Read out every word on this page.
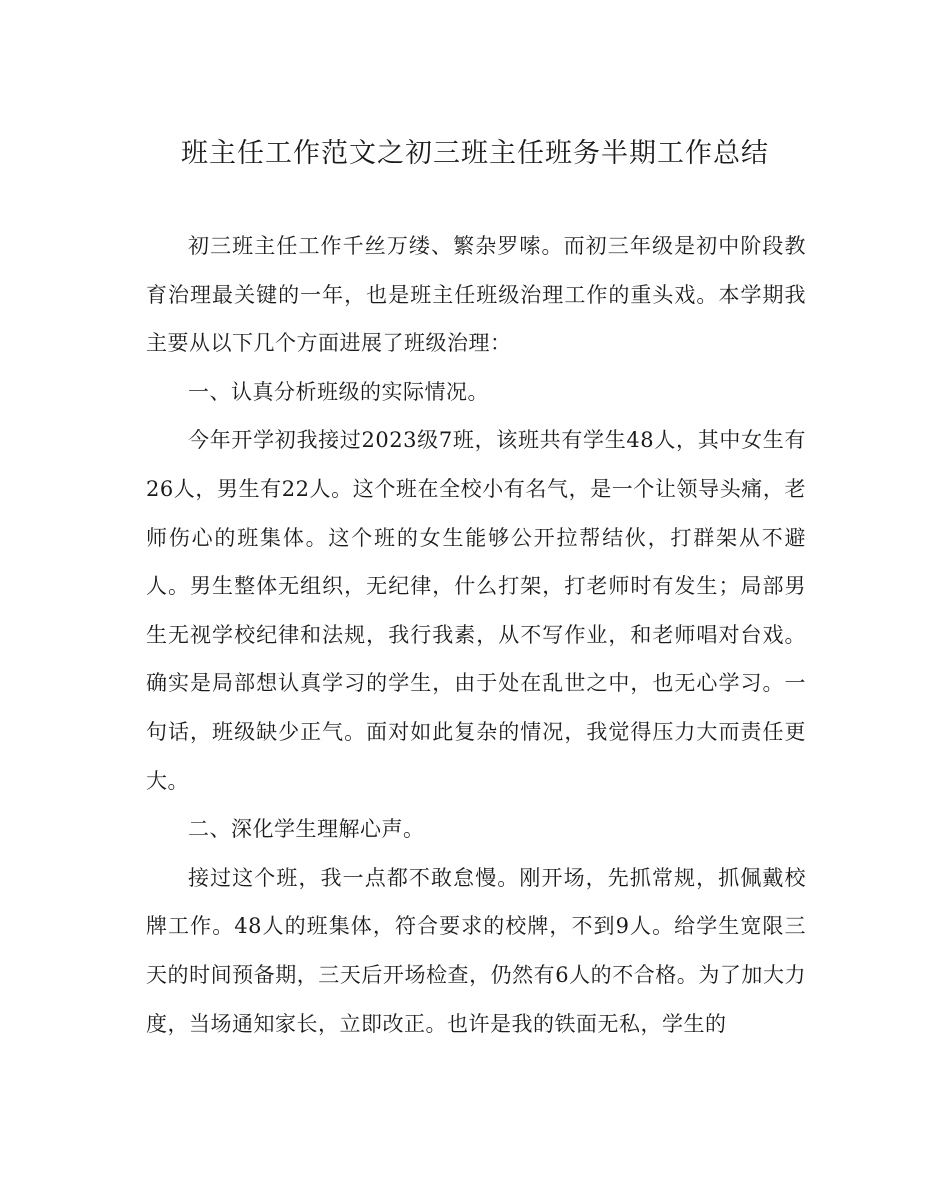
班主任工作范文之初三班主任班务半期工作总结

初三班主任工作千丝万缕、繁杂罗嗦。而初三年级是初中阶段教育治理最关键的一年，也是班主任班级治理工作的重头戏。本学期我主要从以下几个方面进展了班级治理：

一、认真分析班级的实际情况。

今年开学初我接过2023级7班，该班共有学生48人，其中女生有26人，男生有22人。这个班在全校小有名气，是一个让领导头痛，老师伤心的班集体。这个班的女生能够公开拉帮结伙，打群架从不避人。男生整体无组织，无纪律，什么打架，打老师时有发生；局部男生无视学校纪律和法规，我行我素，从不写作业，和老师唱对台戏。确实是局部想认真学习的学生，由于处在乱世之中，也无心学习。一句话，班级缺少正气。面对如此复杂的情况，我觉得压力大而责任更大。

二、深化学生理解心声。

接过这个班，我一点都不敢怠慢。刚开场，先抓常规，抓佩戴校牌工作。48人的班集体，符合要求的校牌，不到9人。给学生宽限三天的时间预备期，三天后开场检查，仍然有6人的不合格。为了加大力度，当场通知家长，立即改正。也许是我的铁面无私，学生的
